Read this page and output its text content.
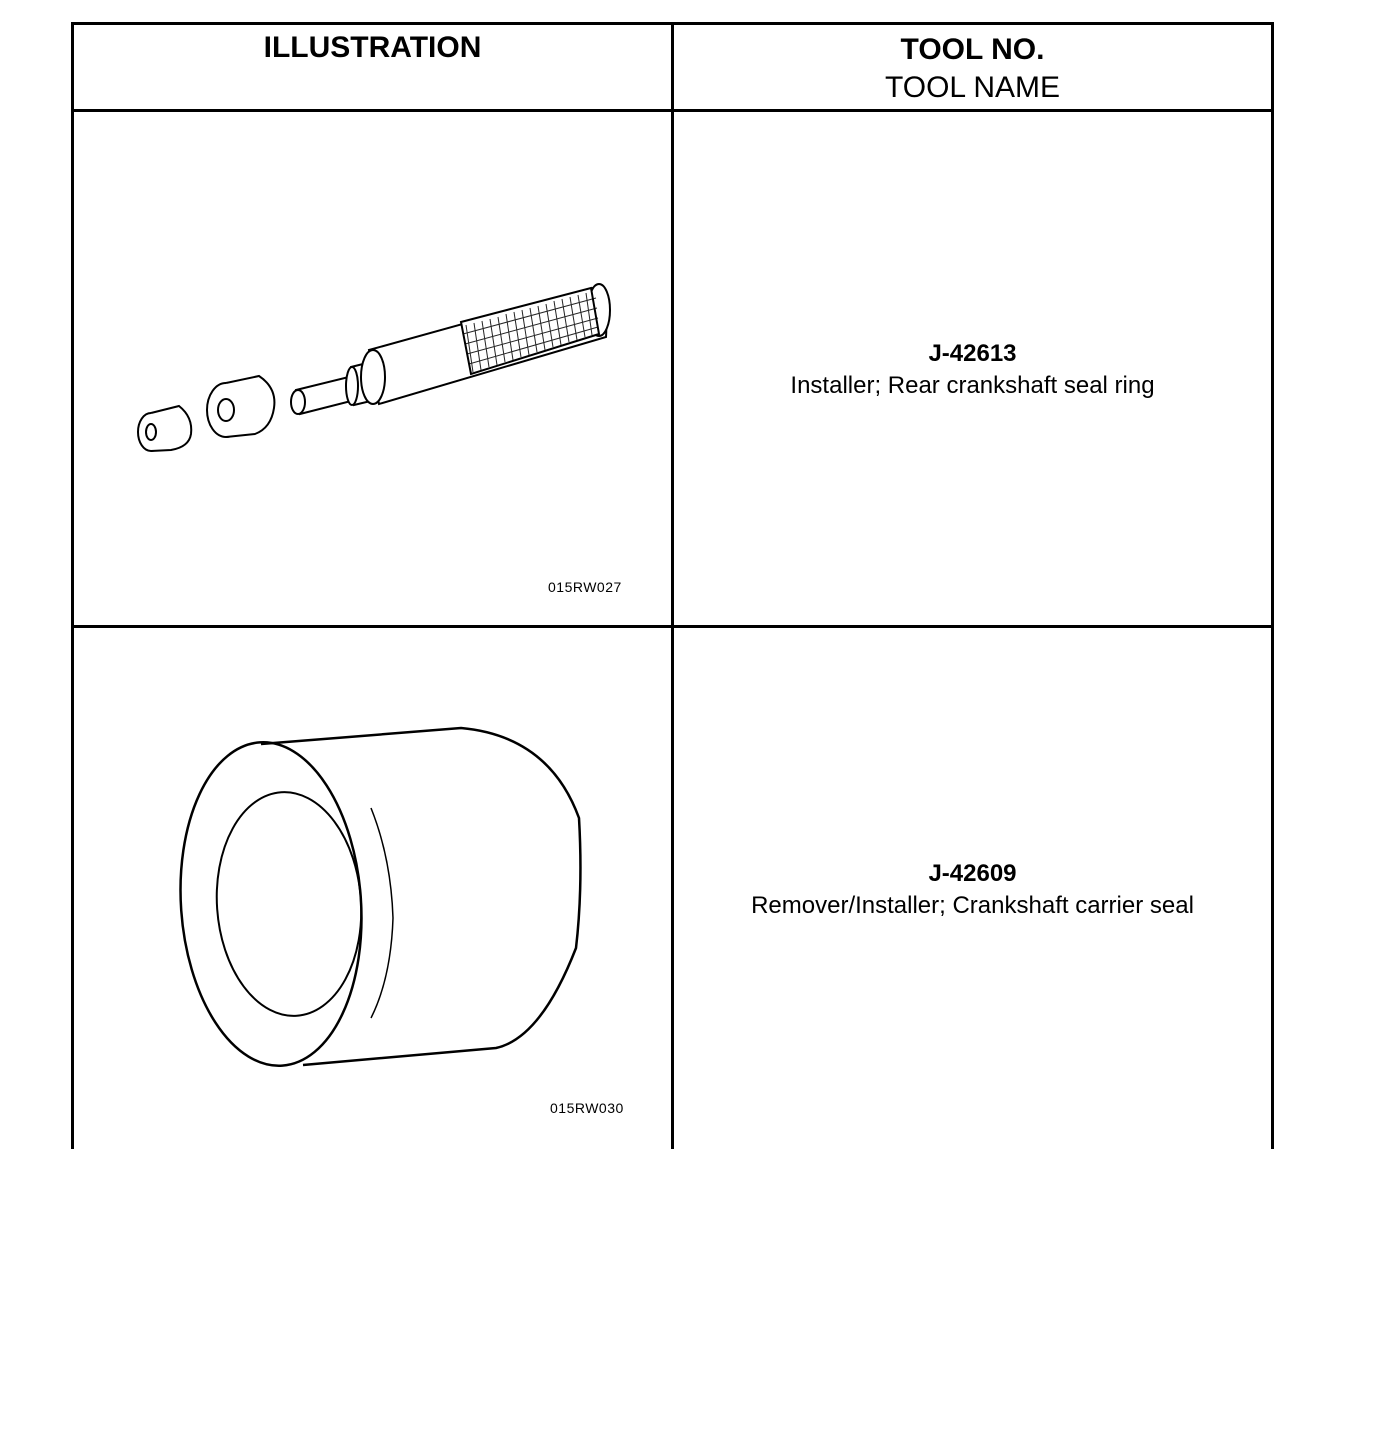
ILLUSTRATION	TOOL NO.
TOOL NAME
015RW027
J-42613
Installer; Rear crankshaft seal ring
015RW030
J-42609
Remover/Installer; Crankshaft carrier seal
